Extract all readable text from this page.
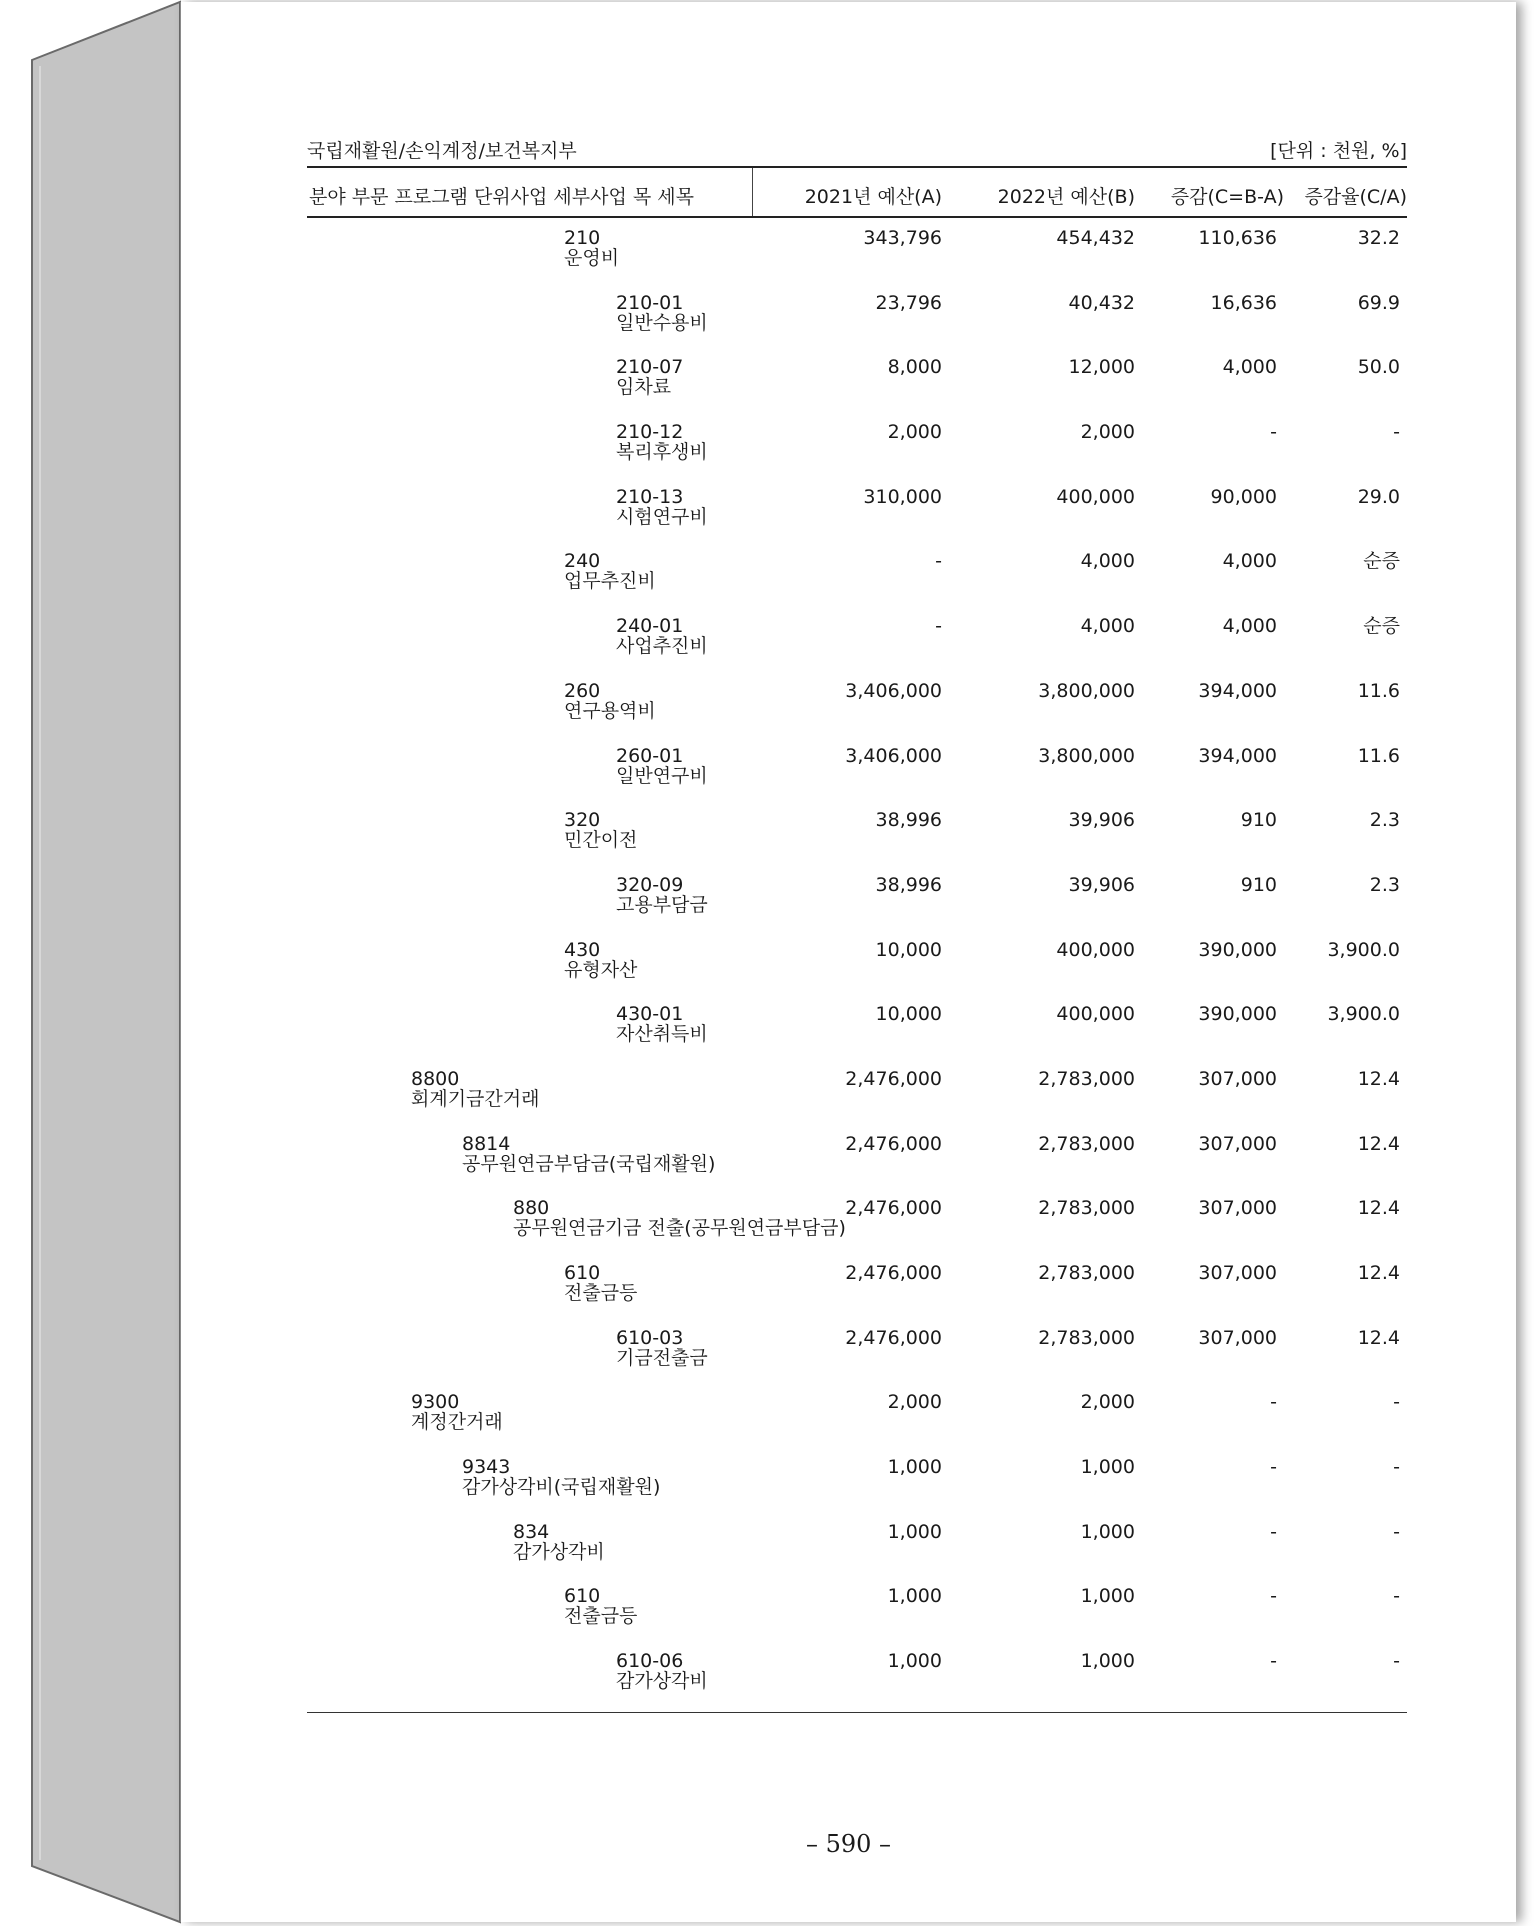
국립재활원/손익계정/보건복지부	[단위 : 천원, %]
분야 부문 프로그램 단위사업 세부사업 목 세목	2021년 예산(A)	2022년 예산(B) 증감(C=B-A) 증감율(C/A)
210
운영비
343,796	454,432	110,636	32.2
210-01
일반수용비
23,796	40,432	16,636	69.9
210-07
임차료
8,000	12,000	4,000	50.0
210-12
복리후생비
2,000	2,000	-	-
210-13
시험연구비
310,000	400,000	90,000	29.0
240
업무추진비
-	4,000	4,000	순증
240-01
사업추진비
-	4,000	4,000	순증
260
연구용역비
3,406,000	3,800,000	394,000	11.6
260-01
일반연구비
3,406,000	3,800,000	394,000	11.6
320
민간이전
38,996	39,906	910	2.3
320-09
고용부담금
38,996	39,906	910	2.3
430
유형자산
10,000	400,000	390,000	3,900.0
430-01
자산취득비
10,000	400,000	390,000	3,900.0
8800
회계기금간거래
2,476,000	2,783,000	307,000	12.4
8814
공무원연금부담금(국립재활원)
2,476,000	2,783,000	307,000	12.4
880
공무원연금기금 전출(공무원연금부담금)
2,476,000	2,783,000	307,000	12.4
610
전출금등
2,476,000	2,783,000	307,000	12.4
610-03
기금전출금
2,476,000	2,783,000	307,000	12.4
9300
계정간거래
2,000	2,000	-	-
9343
감가상각비(국립재활원)
1,000	1,000	-	-
834
감가상각비
1,000	1,000	-	-
610
전출금등
1,000	1,000	-	-
610-06
감가상각비
1,000	1,000	-	-
– 590 –
